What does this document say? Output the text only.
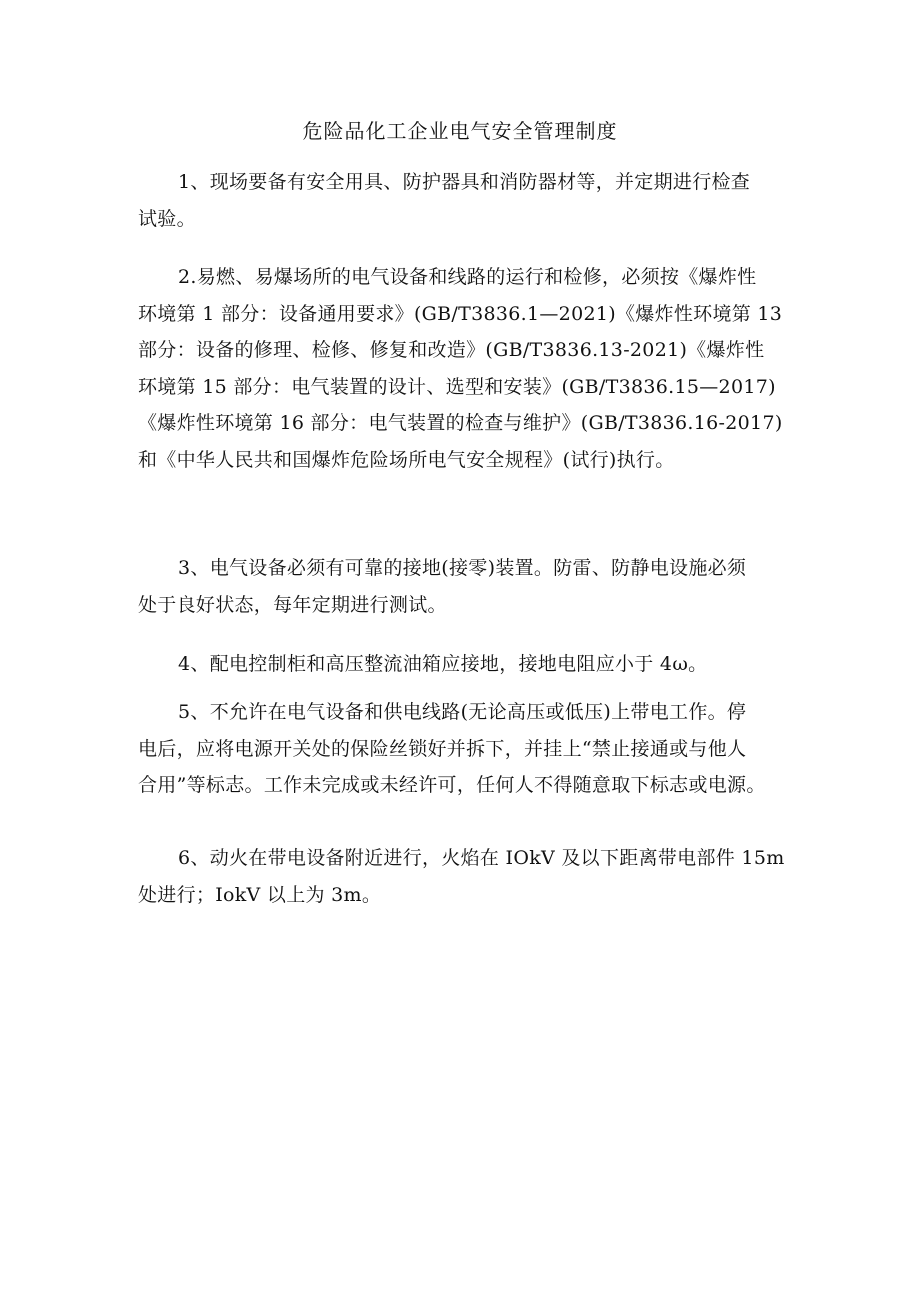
危险品化工企业电气安全管理制度
1、现场要备有安全用具、防护器具和消防器材等，并定期进行检查
试验。
2.易燃、易爆场所的电气设备和线路的运行和检修，必须按《爆炸性
环境第 1 部分：设备通用要求》(GB/T3836.1—2021)《爆炸性环境第 13
部分：设备的修理、检修、修复和改造》(GB/T3836.13-2021)《爆炸性
环境第 15 部分：电气装置的设计、选型和安装》(GB/T3836.15—2017)
《爆炸性环境第 16 部分：电气装置的检查与维护》(GB/T3836.16-2017)
和《中华人民共和国爆炸危险场所电气安全规程》(试行)执行。
3、电气设备必须有可靠的接地(接零)装置。防雷、防静电设施必须
处于良好状态，每年定期进行测试。
4、配电控制柜和高压整流油箱应接地，接地电阻应小于 4ω。
5、不允许在电气设备和供电线路(无论高压或低压)上带电工作。停
电后，应将电源开关处的保险丝锁好并拆下，并挂上“禁止接通或与他人
合用”等标志。工作未完成或未经许可，任何人不得随意取下标志或电源。
6、动火在带电设备附近进行，火焰在 IOkV 及以下距离带电部件 15m
处进行；IokV 以上为 3m。
